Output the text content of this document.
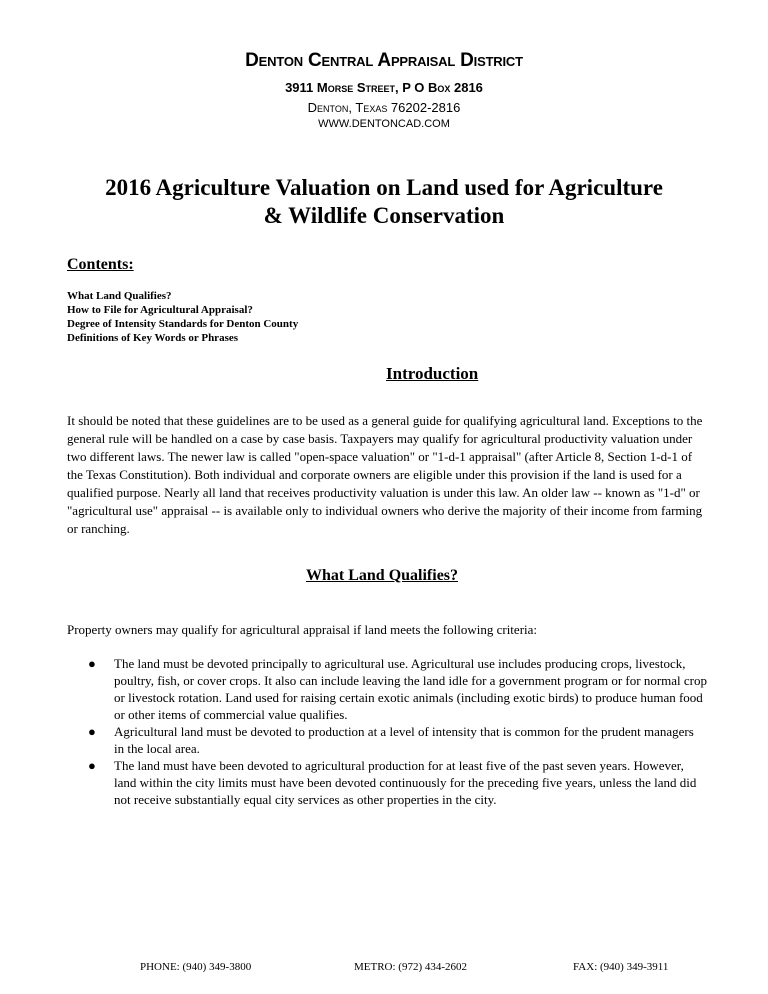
Denton Central Appraisal District
3911 Morse Street, P O Box 2816
Denton, Texas 76202-2816
WWW.DENTONCAD.COM
2016 Agriculture Valuation on Land used for Agriculture
& Wildlife Conservation
Contents:
What Land Qualifies?
How to File for Agricultural Appraisal?
Degree of Intensity Standards for Denton County
Definitions of Key Words or Phrases
Introduction

It should be noted that these guidelines are to be used as a general guide for qualifying agricultural land. Exceptions to the general rule will be handled on a case by case basis. Taxpayers may qualify for agricultural productivity valuation under two different laws. The newer law is called "open-space valuation" or "1-d-1 appraisal" (after Article 8, Section 1-d-1 of the Texas Constitution). Both individual and corporate owners are eligible under this provision if the land is used for a qualified purpose. Nearly all land that receives productivity valuation is under this law. An older law -- known as "1-d" or "agricultural use" appraisal -- is available only to individual owners who derive the majority of their income from farming or ranching.

What Land Qualifies?

Property owners may qualify for agricultural appraisal if land meets the following criteria:

● The land must be devoted principally to agricultural use. Agricultural use includes producing crops, livestock, poultry, fish, or cover crops. It also can include leaving the land idle for a government program or for normal crop or livestock rotation. Land used for raising certain exotic animals (including exotic birds) to produce human food or other items of commercial value qualifies.
● Agricultural land must be devoted to production at a level of intensity that is common for the prudent managers in the local area.
● The land must have been devoted to agricultural production for at least five of the past seven years. However, land within the city limits must have been devoted continuously for the preceding five years, unless the land did not receive substantially equal city services as other properties in the city.
PHONE: (940) 349-3800	METRO: (972) 434-2602	FAX: (940) 349-3911
